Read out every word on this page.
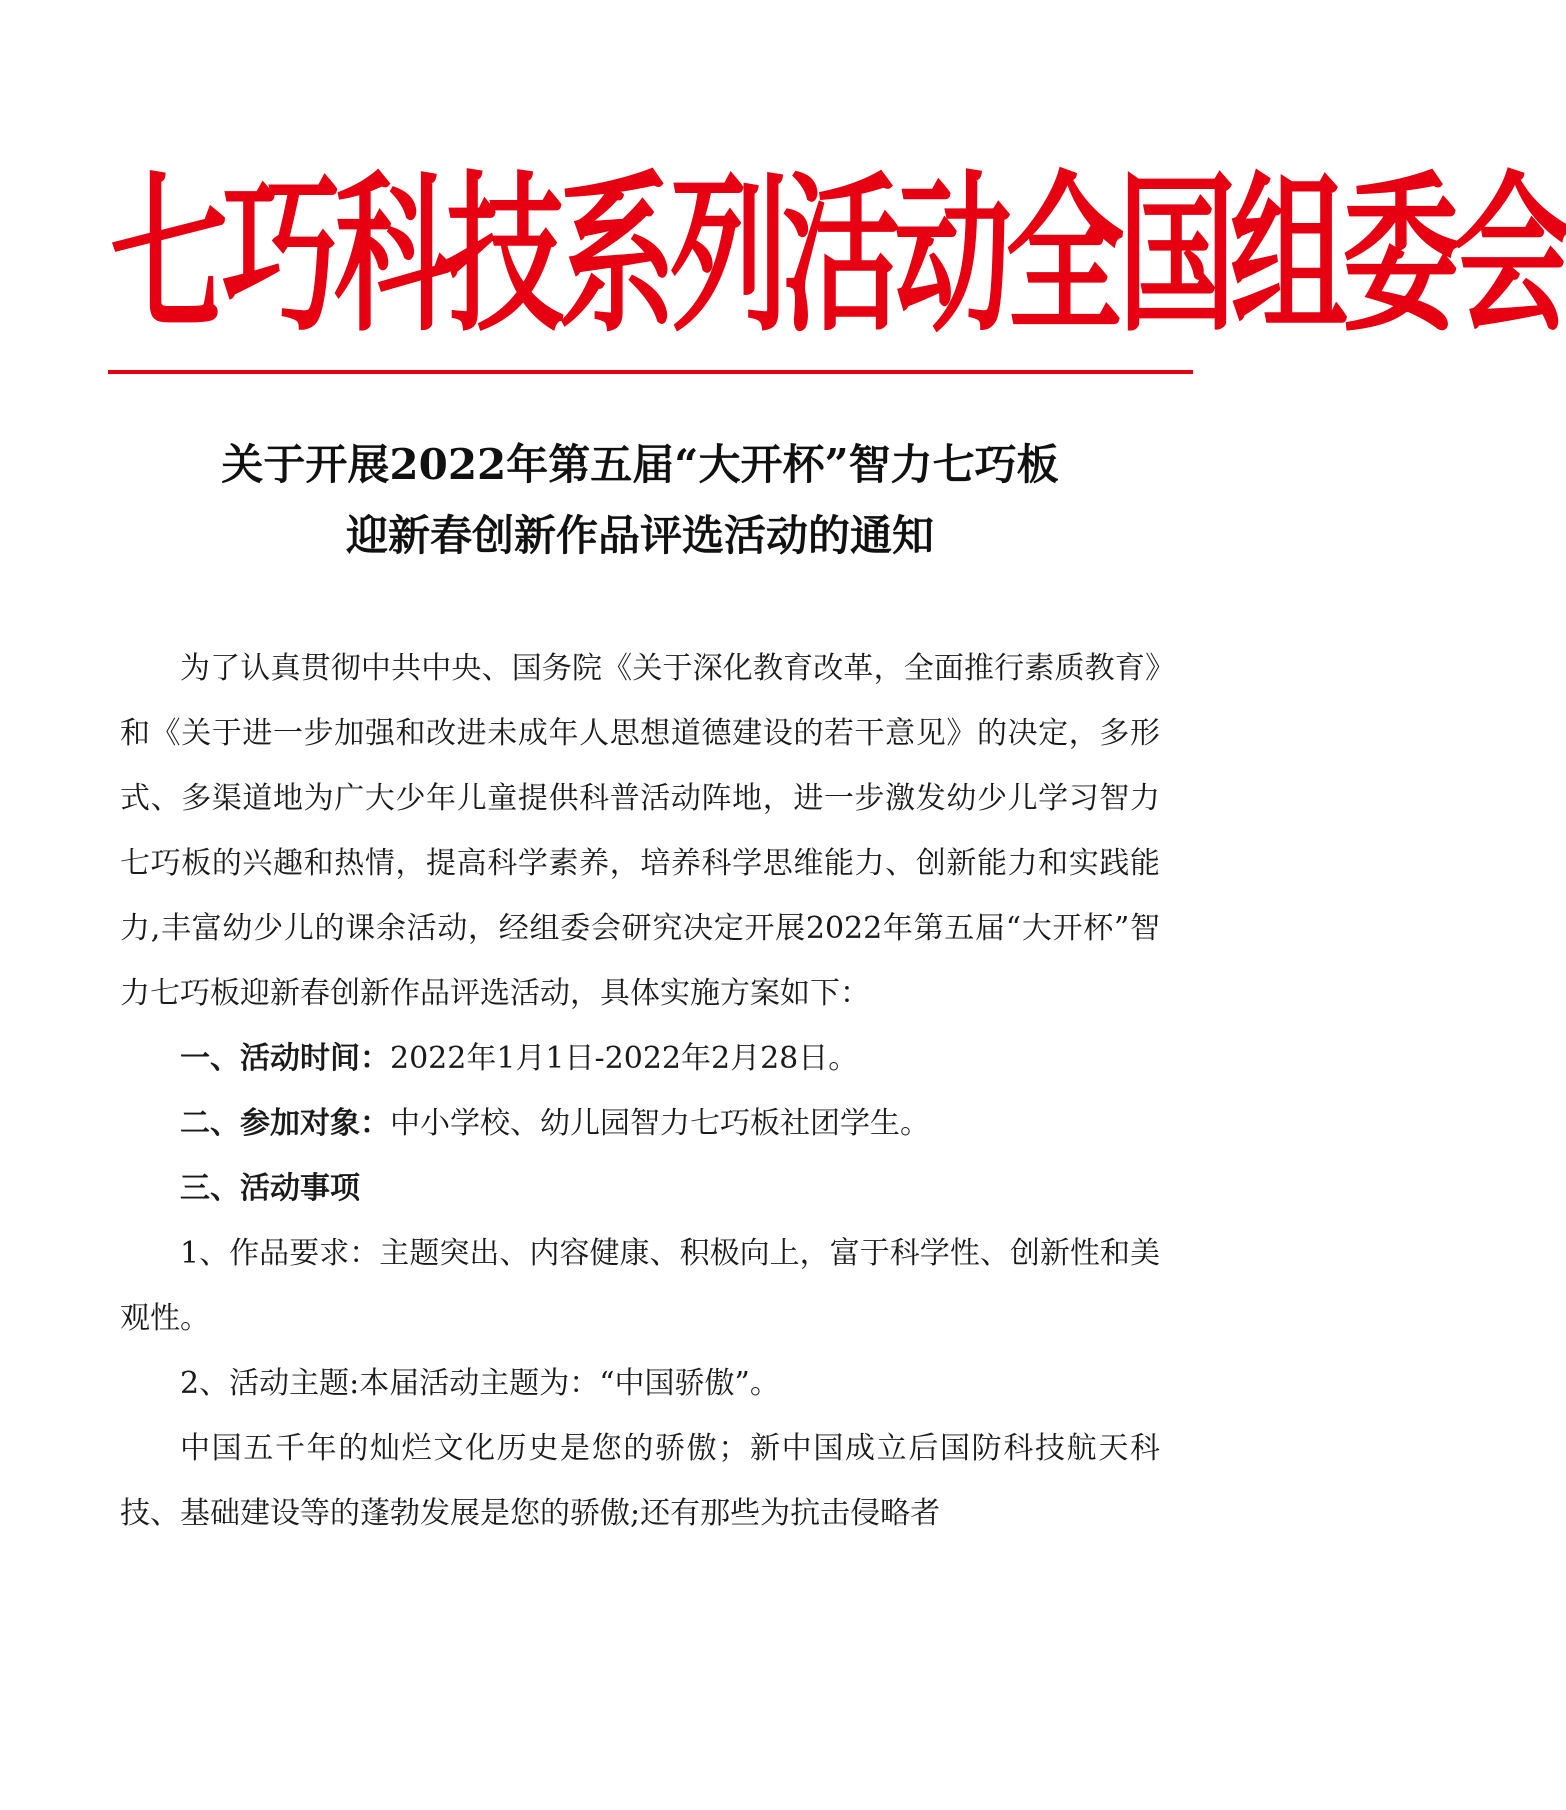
七巧科技系列活动全国组委会
关于开展2022年第五届“大开杯”智力七巧板
迎新春创新作品评选活动的通知

为了认真贯彻中共中央、国务院《关于深化教育改革，全面推行素质教育》和《关于进一步加强和改进未成年人思想道德建设的若干意见》的决定，多形式、多渠道地为广大少年儿童提供科普活动阵地，进一步激发幼少儿学习智力七巧板的兴趣和热情，提高科学素养，培养科学思维能力、创新能力和实践能力,丰富幼少儿的课余活动，经组委会研究决定开展2022年第五届“大开杯”智力七巧板迎新春创新作品评选活动，具体实施方案如下：

一、活动时间：2022年1月1日-2022年2月28日。

二、参加对象：中小学校、幼儿园智力七巧板社团学生。

三、活动事项

1、作品要求：主题突出、内容健康、积极向上，富于科学性、创新性和美观性。

2、活动主题:本届活动主题为：“中国骄傲”。

中国五千年的灿烂文化历史是您的骄傲；新中国成立后国防科技航天科技、基础建设等的蓬勃发展是您的骄傲;还有那些为抗击侵略者
